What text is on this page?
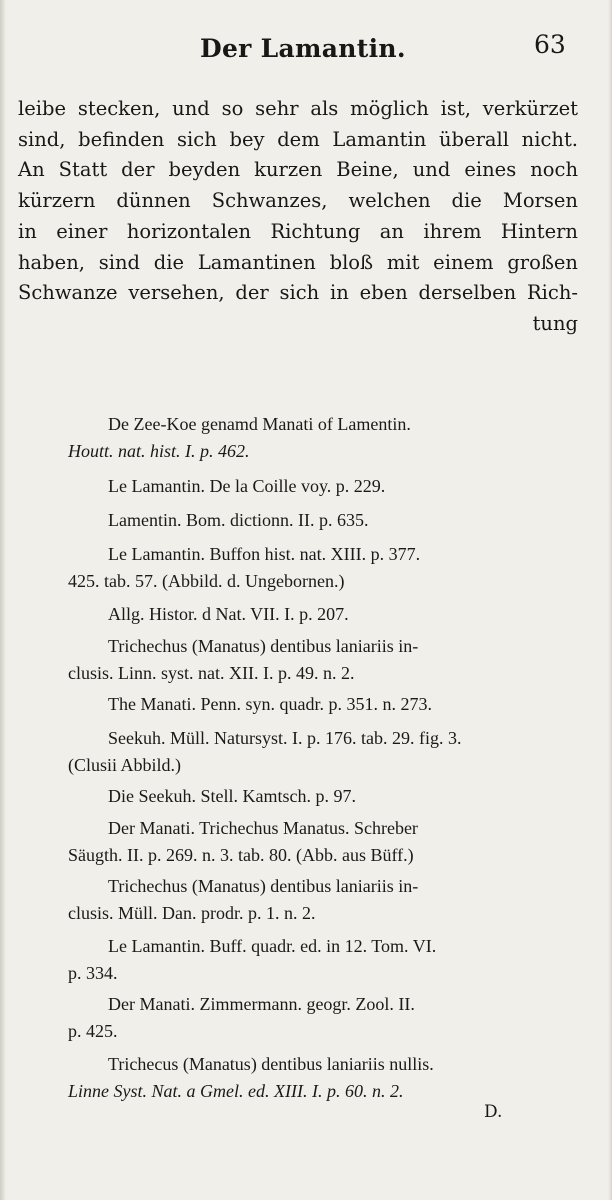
Der Lamantin.	63
leibe stecken, und so sehr als möglich ist, verkürzet
sind, befinden sich bey dem Lamantin überall nicht.
An Statt der beyden kurzen Beine, und eines noch
kürzern dünnen Schwanzes, welchen die Morsen
in einer horizontalen Richtung an ihrem Hintern
haben, sind die Lamantinen bloß mit einem großen
Schwanze versehen, der sich in eben derselben Rich-
tung
De Zee-Koe genamd Manati of Lamentin.
Houtt. nat. hist. I. p. 462.
Le Lamantin. De la Coille voy. p. 229.
Lamentin. Bom. dictionn. II. p. 635.
Le Lamantin. Buffon hist. nat. XIII. p. 377.
425. tab. 57. (Abbild. d. Ungebornen.)
Allg. Histor. d Nat. VII. I. p. 207.
Trichechus (Manatus) dentibus laniariis in-
clusis. Linn. syst. nat. XII. I. p. 49. n. 2.
The Manati. Penn. syn. quadr. p. 351. n. 273.
Seekuh. Müll. Natursyst. I. p. 176. tab. 29. fig. 3.
(Clusii Abbild.)
Die Seekuh. Stell. Kamtsch. p. 97.
Der Manati. Trichechus Manatus. Schreber
Säugth. II. p. 269. n. 3. tab. 80. (Abb. aus Büff.)
Trichechus (Manatus) dentibus laniariis in-
clusis. Müll. Dan. prodr. p. 1. n. 2.
Le Lamantin. Buff. quadr. ed. in 12. Tom. VI.
p. 334.
Der Manati. Zimmermann. geogr. Zool. II.
p. 425.
Trichecus (Manatus) dentibus laniariis nullis.
Linne Syst. Nat. a Gmel. ed. XIII. I. p. 60. n. 2.
D.
